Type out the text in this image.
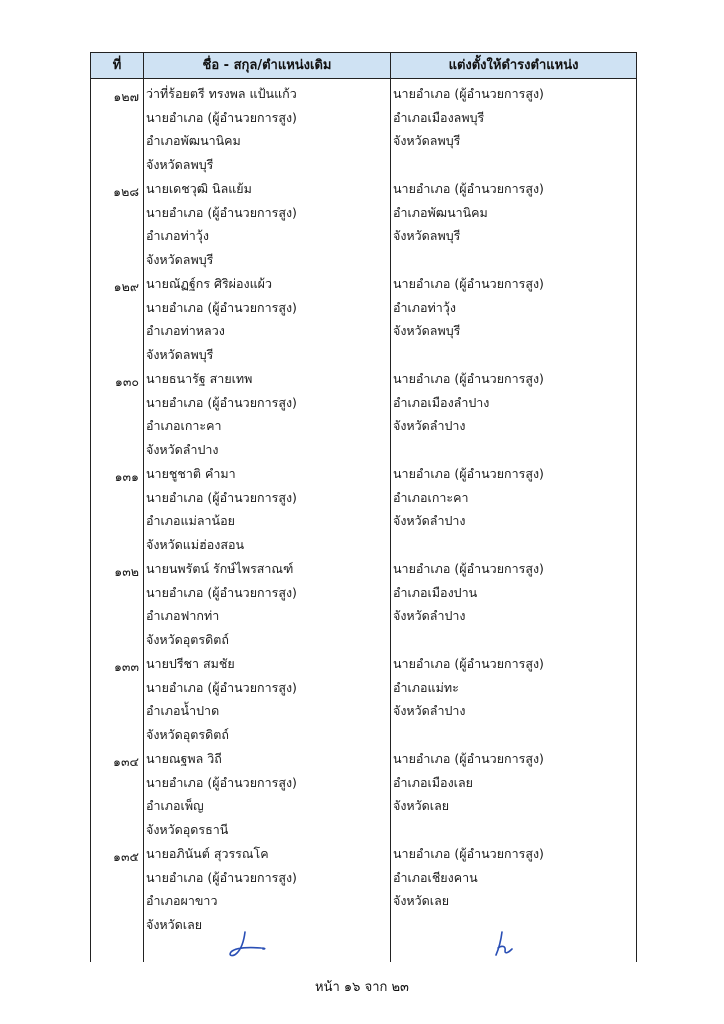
ที่	ชื่อ - สกุล/ตำแหน่งเดิม	แต่งตั้งให้ดำรงตำแหน่ง
๑๒๗ ว่าที่ร้อยตรี ทรงพล แป้นแก้ว
นายอำเภอ (ผู้อำนวยการสูง)
อำเภอพัฒนานิคม
จังหวัดลพบุรี
นายอำเภอ (ผู้อำนวยการสูง)
อำเภอเมืองลพบุรี
จังหวัดลพบุรี
๑๒๘ นายเดชวุฒิ นิลแย้ม
นายอำเภอ (ผู้อำนวยการสูง)
อำเภอท่าวุ้ง
จังหวัดลพบุรี
นายอำเภอ (ผู้อำนวยการสูง)
อำเภอพัฒนานิคม
จังหวัดลพบุรี
๑๒๙ นายณัฏฐ์กร ศิริผ่องแผ้ว
นายอำเภอ (ผู้อำนวยการสูง)
อำเภอท่าหลวง
จังหวัดลพบุรี
นายอำเภอ (ผู้อำนวยการสูง)
อำเภอท่าวุ้ง
จังหวัดลพบุรี
๑๓๐ นายธนารัฐ สายเทพ
นายอำเภอ (ผู้อำนวยการสูง)
อำเภอเกาะคา
จังหวัดลำปาง
นายอำเภอ (ผู้อำนวยการสูง)
อำเภอเมืองลำปาง
จังหวัดลำปาง
๑๓๑ นายชูชาติ คำมา
นายอำเภอ (ผู้อำนวยการสูง)
อำเภอแม่ลาน้อย
จังหวัดแม่ฮ่องสอน
นายอำเภอ (ผู้อำนวยการสูง)
อำเภอเกาะคา
จังหวัดลำปาง
๑๓๒ นายนพรัตน์ รักษ์ไพรสาณฑ์
นายอำเภอ (ผู้อำนวยการสูง)
อำเภอฟากท่า
จังหวัดอุตรดิตถ์
นายอำเภอ (ผู้อำนวยการสูง)
อำเภอเมืองปาน
จังหวัดลำปาง
๑๓๓ นายปรีชา สมชัย
นายอำเภอ (ผู้อำนวยการสูง)
อำเภอน้ำปาด
จังหวัดอุตรดิตถ์
นายอำเภอ (ผู้อำนวยการสูง)
อำเภอแม่ทะ
จังหวัดลำปาง
๑๓๔ นายณฐพล วิถี
นายอำเภอ (ผู้อำนวยการสูง)
อำเภอเพ็ญ
จังหวัดอุดรธานี
นายอำเภอ (ผู้อำนวยการสูง)
อำเภอเมืองเลย
จังหวัดเลย
๑๓๕ นายอภินันต์ สุวรรณโค
นายอำเภอ (ผู้อำนวยการสูง)
อำเภอผาขาว
จังหวัดเลย
นายอำเภอ (ผู้อำนวยการสูง)
อำเภอเชียงคาน
จังหวัดเลย
หน้า ๑๖ จาก ๒๓
